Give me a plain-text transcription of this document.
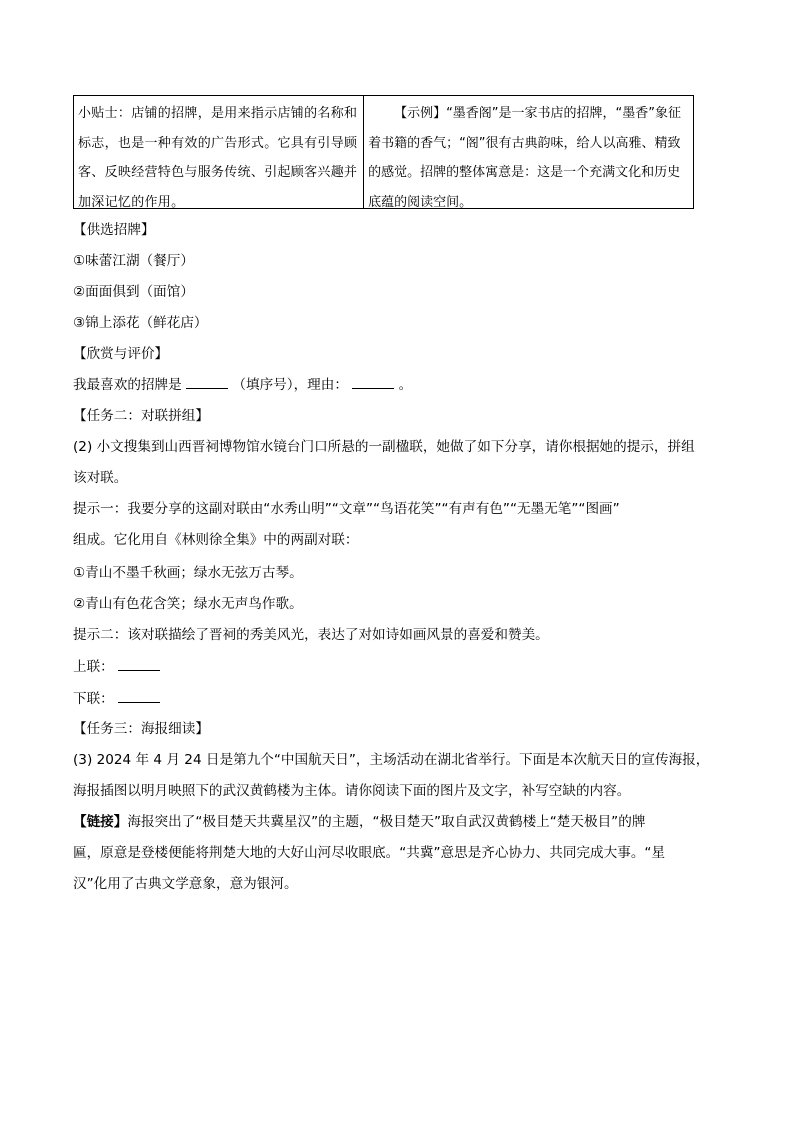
小贴士：店铺的招牌，是用来指示店铺的名称和标志，也是一种有效的广告形式。它具有引导顾客、反映经营特色与服务传统、引起顾客兴趣并加深记忆的作用。
【示例】“墨香阁”是一家书店的招牌，“墨香”象征着书籍的香气；“阁”很有古典韵味，给人以高雅、精致的感觉。招牌的整体寓意是：这是一个充满文化和历史底蕴的阅读空间。
【供选招牌】
①味蕾江湖（餐厅）
②面面俱到（面馆）
③锦上添花（鲜花店）
【欣赏与评价】
我最喜欢的招牌是	（填序号），理由：	。
【任务二：对联拼组】
(2) 小文搜集到山西晋祠博物馆水镜台门口所悬的一副楹联，她做了如下分享，请你根据她的提示，拼组
该对联。
提示一：我要分享的这副对联由“水秀山明”“文章”“鸟语花笑”“有声有色”“无墨无笔”“图画”
组成。它化用自《林则徐全集》中的两副对联：
①青山不墨千秋画；绿水无弦万古琴。
②青山有色花含笑；绿水无声鸟作歌。
提示二：该对联描绘了晋祠的秀美风光，表达了对如诗如画风景的喜爱和赞美。
上联：
下联：
【任务三：海报细读】
(3) 2024 年 4 月 24 日是第九个“中国航天日”，主场活动在湖北省举行。下面是本次航天日的宣传海报，
海报插图以明月映照下的武汉黄鹤楼为主体。请你阅读下面的图片及文字，补写空缺的内容。
【链接】海报突出了“极目楚天共冀星汉”的主题，“极目楚天”取自武汉黄鹤楼上“楚天极目”的牌
匾，原意是登楼便能将荆楚大地的大好山河尽收眼底。“共冀”意思是齐心协力、共同完成大事。“星
汉”化用了古典文学意象，意为银河。
